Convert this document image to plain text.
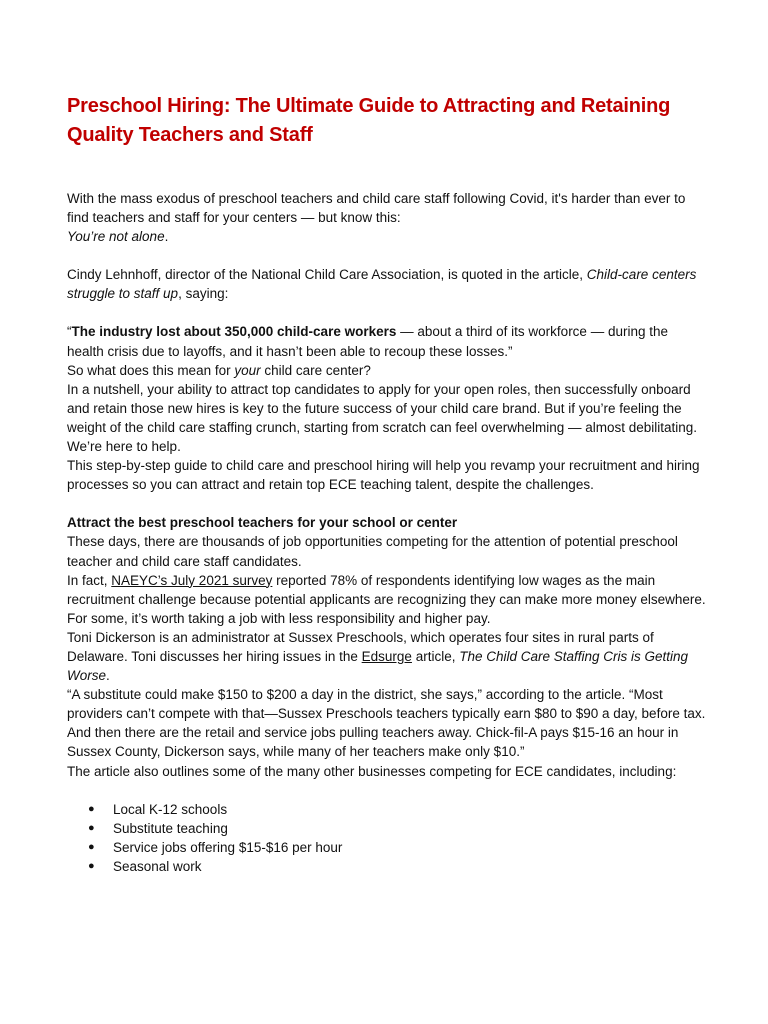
Preschool Hiring: The Ultimate Guide to Attracting and Retaining Quality Teachers and Staff

With the mass exodus of preschool teachers and child care staff following Covid, it's harder than ever to find teachers and staff for your centers — but know this:

You’re not alone.

Cindy Lehnhoff, director of the National Child Care Association, is quoted in the article, Child-care centers struggle to staff up, saying:

“The industry lost about 350,000 child-care workers — about a third of its workforce — during the health crisis due to layoffs, and it hasn’t been able to recoup these losses.”

So what does this mean for your child care center?

In a nutshell, your ability to attract top candidates to apply for your open roles, then successfully onboard and retain those new hires is key to the future success of your child care brand. But if you’re feeling the weight of the child care staffing crunch, starting from scratch can feel overwhelming — almost debilitating. We’re here to help.

This step-by-step guide to child care and preschool hiring will help you revamp your recruitment and hiring processes so you can attract and retain top ECE teaching talent, despite the challenges.

Attract the best preschool teachers for your school or center

These days, there are thousands of job opportunities competing for the attention of potential preschool teacher and child care staff candidates.

In fact, NAEYC’s July 2021 survey reported 78% of respondents identifying low wages as the main recruitment challenge because potential applicants are recognizing they can make more money elsewhere.

For some, it’s worth taking a job with less responsibility and higher pay.

Toni Dickerson is an administrator at Sussex Preschools, which operates four sites in rural parts of Delaware. Toni discusses her hiring issues in the Edsurge article, The Child Care Staffing Cris is Getting Worse.

“A substitute could make $150 to $200 a day in the district, she says,” according to the article. “Most providers can’t compete with that—Sussex Preschools teachers typically earn $80 to $90 a day, before tax. And then there are the retail and service jobs pulling teachers away. Chick-fil-A pays $15-16 an hour in Sussex County, Dickerson says, while many of her teachers make only $10.”

The article also outlines some of the many other businesses competing for ECE candidates, including:

● Local K-12 schools
● Substitute teaching
● Service jobs offering $15-$16 per hour
● Seasonal work
